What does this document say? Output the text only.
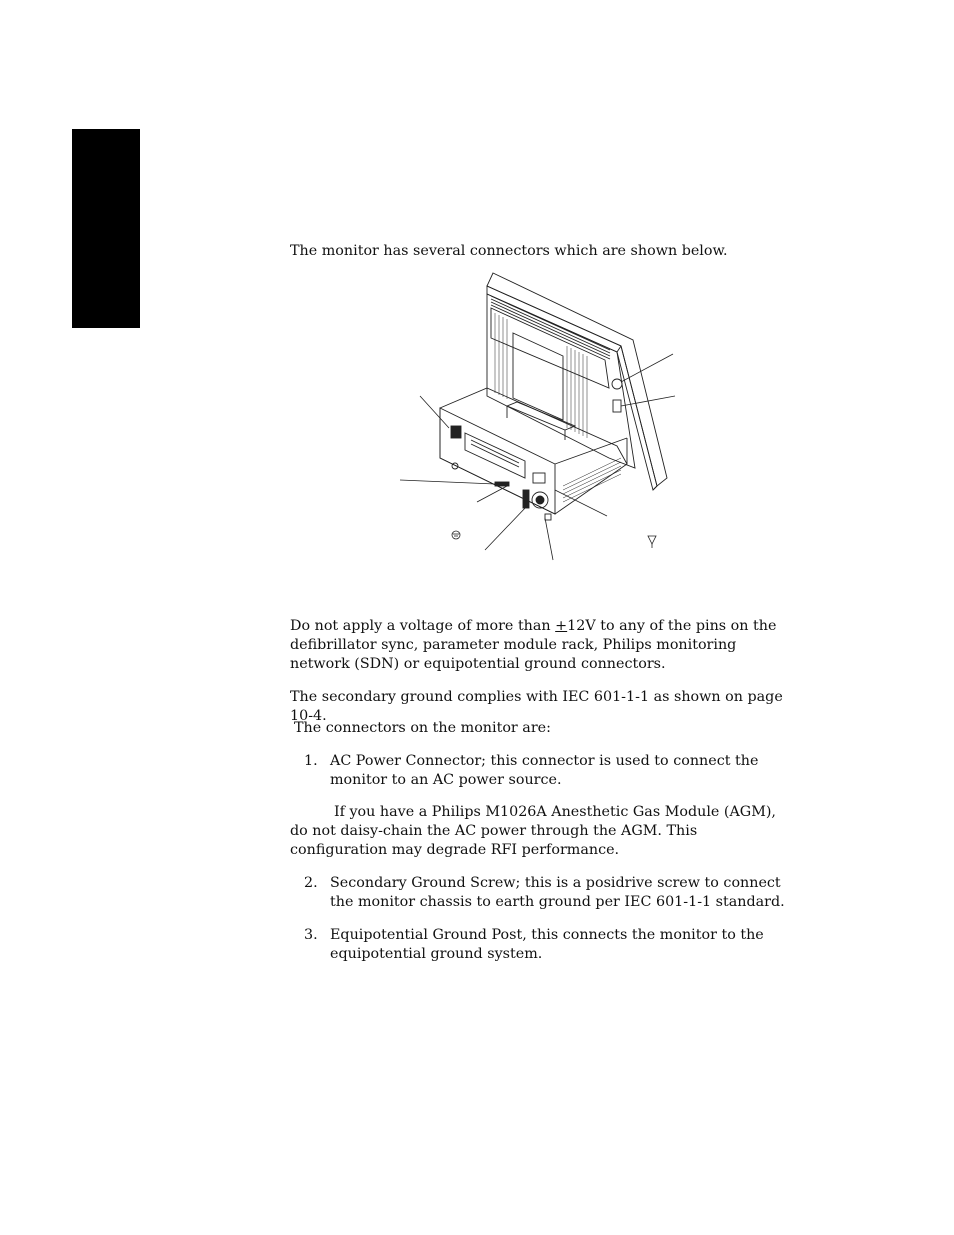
The monitor has several connectors which are shown below.

Do not apply a voltage of more than +12V to any of the pins on the defibrillator sync, parameter module rack, Philips monitoring network (SDN) or equipotential ground connectors.

The secondary ground complies with IEC 601-1-1 as shown on page 10-4.

The connectors on the monitor are:

1. AC Power Connector; this connector is used to connect the monitor to an AC power source.

If you have a Philips M1026A Anesthetic Gas Module (AGM), do not daisy-chain the AC power through the AGM. This configuration may degrade RFI performance.

2. Secondary Ground Screw; this is a posidrive screw to connect the monitor chassis to earth ground per IEC 601-1-1 standard.
3. Equipotential Ground Post, this connects the monitor to the equipotential ground system.
